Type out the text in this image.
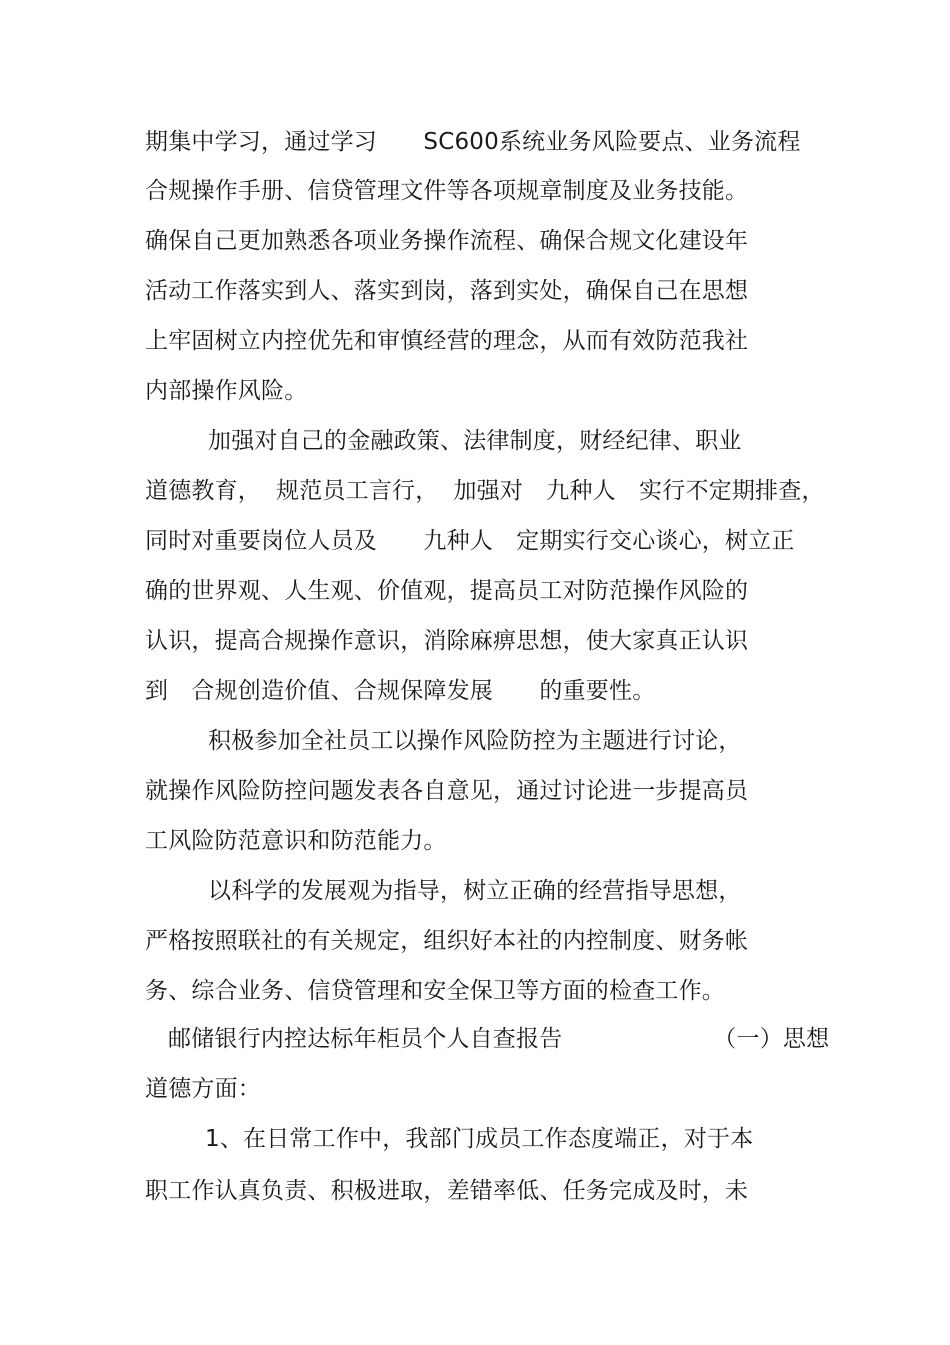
期集中学习，通过学习　　SC600系统业务风险要点、业务流程
合规操作手册、信贷管理文件等各项规章制度及业务技能。
确保自己更加熟悉各项业务操作流程、确保合规文化建设年
活动工作落实到人、落实到岗，落到实处，确保自己在思想
上牢固树立内控优先和审慎经营的理念，从而有效防范我社
内部操作风险。
加强对自己的金融政策、法律制度，财经纪律、职业
道德教育，  规范员工言行，  加强对　九种人　实行不定期排查，
同时对重要岗位人员及　　九种人　定期实行交心谈心，树立正
确的世界观、人生观、价值观，提高员工对防范操作风险的
认识，提高合规操作意识，消除麻痹思想，使大家真正认识
到　合规创造价值、合规保障发展　　的重要性。
积极参加全社员工以操作风险防控为主题进行讨论，
就操作风险防控问题发表各自意见，通过讨论进一步提高员
工风险防范意识和防范能力。
以科学的发展观为指导，树立正确的经营指导思想，
严格按照联社的有关规定，组织好本社的内控制度、财务帐
务、综合业务、信贷管理和安全保卫等方面的检查工作。
邮储银行内控达标年柜员个人自查报告　　　　　　　（一）思想
道德方面：
1、在日常工作中，我部门成员工作态度端正，对于本
职工作认真负责、积极进取，差错率低、任务完成及时，未
